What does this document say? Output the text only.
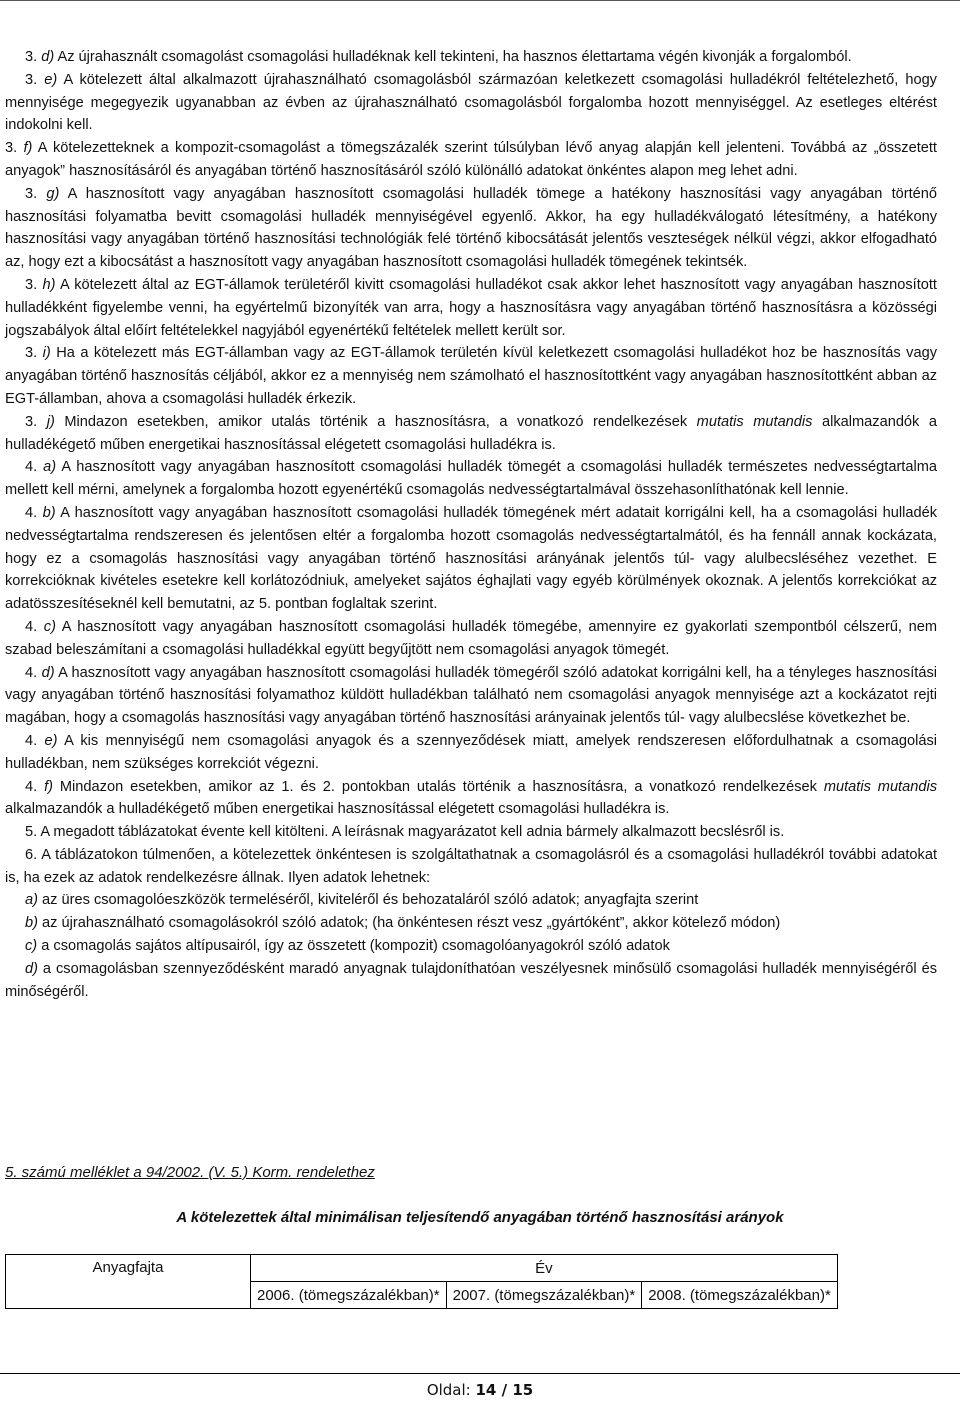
3. d) Az újrahasznált csomagolást csomagolási hulladéknak kell tekinteni, ha hasznos élettartama végén kivonják a forgalomból.

3. e) A kötelezett által alkalmazott újrahasználható csomagolásból származóan keletkezett csomagolási hulladékról feltételezhető, hogy mennyisége megegyezik ugyanabban az évben az újrahasználható csomagolásból forgalomba hozott mennyiséggel. Az esetleges eltérést indokolni kell.

3. f) A kötelezetteknek a kompozit-csomagolást a tömegszázalék szerint túlsúlyban lévő anyag alapján kell jelenteni. Továbbá az „összetett anyagok” hasznosításáról és anyagában történő hasznosításáról szóló különálló adatokat önkéntes alapon meg lehet adni.

3. g) A hasznosított vagy anyagában hasznosított csomagolási hulladék tömege a hatékony hasznosítási vagy anyagában történő hasznosítási folyamatba bevitt csomagolási hulladék mennyiségével egyenlő. Akkor, ha egy hulladékválogató létesítmény, a hatékony hasznosítási vagy anyagában történő hasznosítási technológiák felé történő kibocsátását jelentős veszteségek nélkül végzi, akkor elfogadható az, hogy ezt a kibocsátást a hasznosított vagy anyagában hasznosított csomagolási hulladék tömegének tekintsék.

3. h) A kötelezett által az EGT-államok területéről kivitt csomagolási hulladékot csak akkor lehet hasznosított vagy anyagában hasznosított hulladékként figyelembe venni, ha egyértelmű bizonyíték van arra, hogy a hasznosításra vagy anyagában történő hasznosításra a közösségi jogszabályok által előírt feltételekkel nagyjából egyenértékű feltételek mellett került sor.

3. i) Ha a kötelezett más EGT-államban vagy az EGT-államok területén kívül keletkezett csomagolási hulladékot hoz be hasznosítás vagy anyagában történő hasznosítás céljából, akkor ez a mennyiség nem számolható el hasznosítottként vagy anyagában hasznosítottként abban az EGT-államban, ahova a csomagolási hulladék érkezik.

3. j) Mindazon esetekben, amikor utalás történik a hasznosításra, a vonatkozó rendelkezések mutatis mutandis alkalmazandók a hulladékégető műben energetikai hasznosítással elégetett csomagolási hulladékra is.

4. a) A hasznosított vagy anyagában hasznosított csomagolási hulladék tömegét a csomagolási hulladék természetes nedvességtartalma mellett kell mérni, amelynek a forgalomba hozott egyenértékű csomagolás nedvességtartalmával összehasonlíthatónak kell lennie.

4. b) A hasznosított vagy anyagában hasznosított csomagolási hulladék tömegének mért adatait korrigálni kell, ha a csomagolási hulladék nedvességtartalma rendszeresen és jelentősen eltér a forgalomba hozott csomagolás nedvességtartalmától, és ha fennáll annak kockázata, hogy ez a csomagolás hasznosítási vagy anyagában történő hasznosítási arányának jelentős túl- vagy alulbecsléséhez vezethet. E korrekcióknak kivételes esetekre kell korlátozódniuk, amelyeket sajátos éghajlati vagy egyéb körülmények okoznak. A jelentős korrekciókat az adatösszesítéseknél kell bemutatni, az 5. pontban foglaltak szerint.

4. c) A hasznosított vagy anyagában hasznosított csomagolási hulladék tömegébe, amennyire ez gyakorlati szempontból célszerű, nem szabad beleszámítani a csomagolási hulladékkal együtt begyűjtött nem csomagolási anyagok tömegét.

4. d) A hasznosított vagy anyagában hasznosított csomagolási hulladék tömegéről szóló adatokat korrigálni kell, ha a tényleges hasznosítási vagy anyagában történő hasznosítási folyamathoz küldött hulladékban található nem csomagolási anyagok mennyisége azt a kockázatot rejti magában, hogy a csomagolás hasznosítási vagy anyagában történő hasznosítási arányainak jelentős túl- vagy alulbecslése következhet be.

4. e) A kis mennyiségű nem csomagolási anyagok és a szennyeződések miatt, amelyek rendszeresen előfordulhatnak a csomagolási hulladékban, nem szükséges korrekciót végezni.

4. f) Mindazon esetekben, amikor az 1. és 2. pontokban utalás történik a hasznosításra, a vonatkozó rendelkezések mutatis mutandis alkalmazandók a hulladékégető műben energetikai hasznosítással elégetett csomagolási hulladékra is.

5. A megadott táblázatokat évente kell kitölteni. A leírásnak magyarázatot kell adnia bármely alkalmazott becslésről is.

6. A táblázatokon túlmenően, a kötelezettek önkéntesen is szolgáltathatnak a csomagolásról és a csomagolási hulladékról további adatokat is, ha ezek az adatok rendelkezésre állnak. Ilyen adatok lehetnek:

a) az üres csomagolóeszközök termeléséről, kiviteléről és behozataláról szóló adatok; anyagfajta szerint

b) az újrahasználható csomagolásokról szóló adatok; (ha önkéntesen részt vesz „gyártóként”, akkor kötelező módon)

c) a csomagolás sajátos altípusairól, így az összetett (kompozit) csomagolóanyagokról szóló adatok

d) a csomagolásban szennyeződésként maradó anyagnak tulajdoníthatóan veszélyesnek minősülő csomagolási hulladék mennyiségéről és minőségéről.

5. számú melléklet a 94/2002. (V. 5.) Korm. rendelethez
A kötelezettek által minimálisan teljesítendő anyagában történő hasznosítási arányok
Anyagfajta	Év		
	2006. (tömegszázalékban)*	2007. (tömegszázalékban)*	2008. (tömegszázalékban)*
Oldal: 14 / 15
